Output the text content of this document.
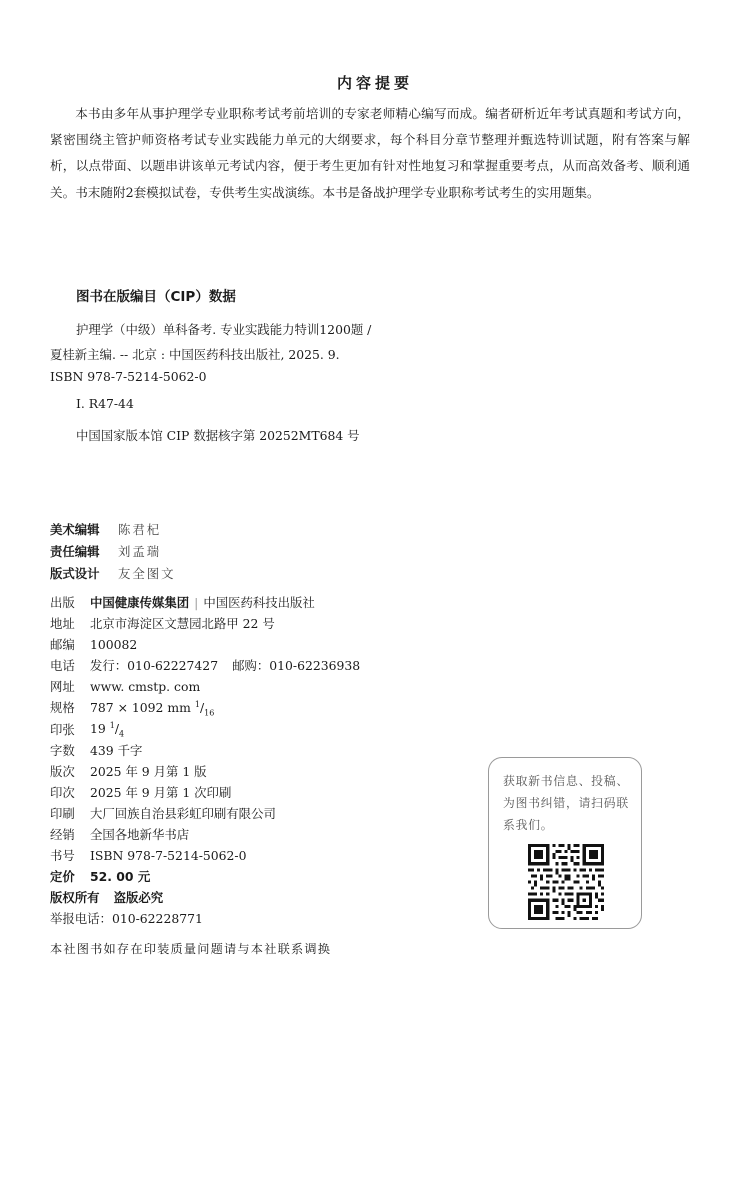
内容提要

本书由多年从事护理学专业职称考试考前培训的专家老师精心编写而成。编者研析近年考试真题和考试方向，紧密围绕主管护师资格考试专业实践能力单元的大纲要求，每个科目分章节整理并甄选特训试题，附有答案与解析，以点带面、以题串讲该单元考试内容，便于考生更加有针对性地复习和掌握重要考点，从而高效备考、顺利通关。书末随附2套模拟试卷，专供考生实战演练。本书是备战护理学专业职称考试考生的实用题集。

图书在版编目（CIP）数据
护理学（中级）单科备考. 专业实践能力特训1200题 /
夏桂新主编. -- 北京 : 中国医药科技出版社, 2025. 9.
ISBN 978-7-5214-5062-0
Ⅰ. R47-44
中国国家版本馆 CIP 数据核字第 20252MT684 号
美术编辑	陈君杞
责任编辑	刘孟瑞
版式设计	友全图文
出版	中国健康传媒集团 | 中国医药科技出版社
地址	北京市海淀区文慧园北路甲 22 号
邮编	100082
电话	发行：010-62227427 邮购：010-62236938
网址	www. cmstp. com
规格	787 × 1092 mm $^1/_{16}$
印张	19 $^1/_4$
字数	439 千字
版次	2025 年 9 月第 1 版
印次	2025 年 9 月第 1 次印刷
印刷	大厂回族自治县彩虹印刷有限公司
经销	全国各地新华书店
书号	ISBN 978-7-5214-5062-0
定价	52. 00 元
版权所有 盗版必究
举报电话：010-62228771
本社图书如存在印装质量问题请与本社联系调换
获取新书信息、投稿、为图书纠错，请扫码联系我们。
